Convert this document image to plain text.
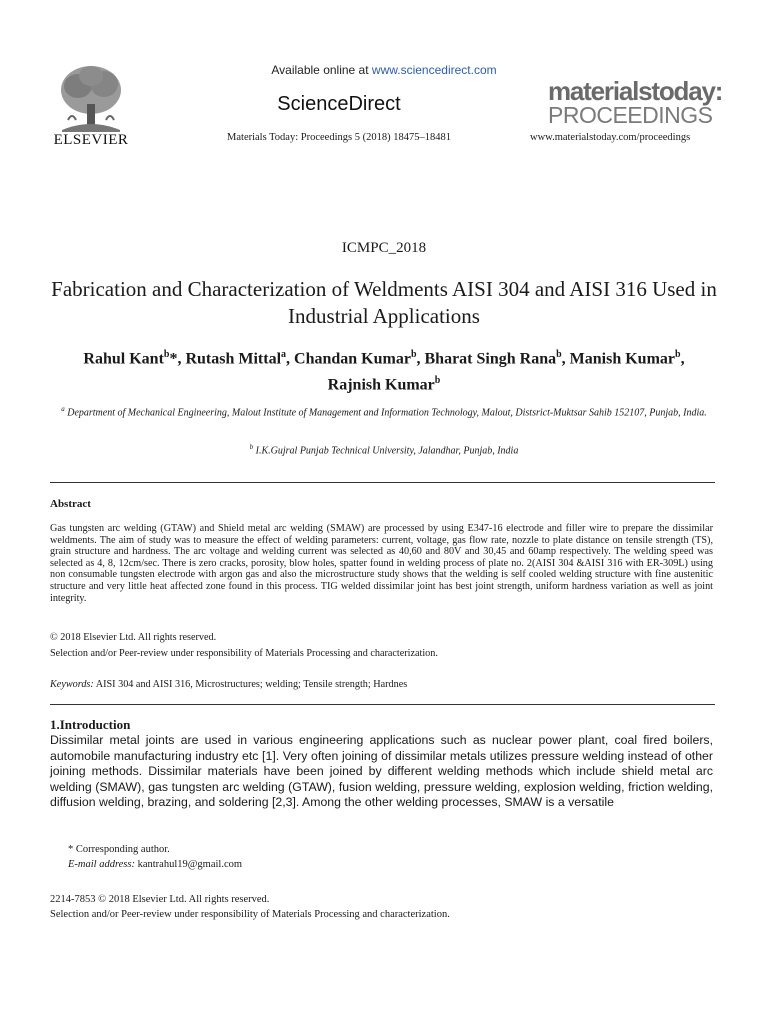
ELSEVIER
Available online at www.sciencedirect.com
ScienceDirect
Materials Today: Proceedings 5 (2018) 18475–18481
materialstoday:
PROCEEDINGS
www.materialstoday.com/proceedings
ICMPC_2018
Fabrication and Characterization of Weldments AISI 304 and AISI 316 Used in Industrial Applications
Rahul Kant$^b$*, Rutash Mittal$^a$, Chandan Kumar$^b$, Bharat Singh Rana$^b$, Manish Kumar$^b$,
Rajnish Kumar$^b$
$^a$ Department of Mechanical Engineering, Malout Institute of Management and Information Technology, Malout, Distsrict-Muktsar Sahib 152107, Punjab, India.
$^b$ I.K.Gujral Punjab Technical University, Jalandhar, Punjab, India
Abstract
Gas tungsten arc welding (GTAW) and Shield metal arc welding (SMAW) are processed by using E347-16 electrode and filler wire to prepare the dissimilar weldments. The aim of study was to measure the effect of welding parameters: current, voltage, gas flow rate, nozzle to plate distance on tensile strength (TS), grain structure and hardness. The arc voltage and welding current was selected as 40,60 and 80V and 30,45 and 60amp respectively. The welding speed was selected as 4, 8, 12cm/sec. There is zero cracks, porosity, blow holes, spatter found in welding process of plate no. 2(AISI 304 &AISI 316 with ER-309L) using non consumable tungsten electrode with argon gas and also the microstructure study shows that the welding is self cooled welding structure with fine austenitic structure and very little heat affected zone found in this process. TIG welded dissimilar joint has best joint strength, uniform hardness variation as well as joint integrity.
© 2018 Elsevier Ltd. All rights reserved.
Selection and/or Peer-review under responsibility of Materials Processing and characterization.
Keywords: AISI 304 and AISI 316, Microstructures; welding; Tensile strength; Hardnes
1.Introduction
Dissimilar metal joints are used in various engineering applications such as nuclear power plant, coal fired boilers, automobile manufacturing industry etc [1]. Very often joining of dissimilar metals utilizes pressure welding instead of other joining methods. Dissimilar materials have been joined by different welding methods which include shield metal arc welding (SMAW), gas tungsten arc welding (GTAW), fusion welding, pressure welding, explosion welding, friction welding, diffusion welding, brazing, and soldering [2,3]. Among the other welding processes, SMAW is a versatile
* Corresponding author.
E-mail address: kantrahul19@gmail.com
2214-7853 © 2018 Elsevier Ltd. All rights reserved.
Selection and/or Peer-review under responsibility of Materials Processing and characterization.
